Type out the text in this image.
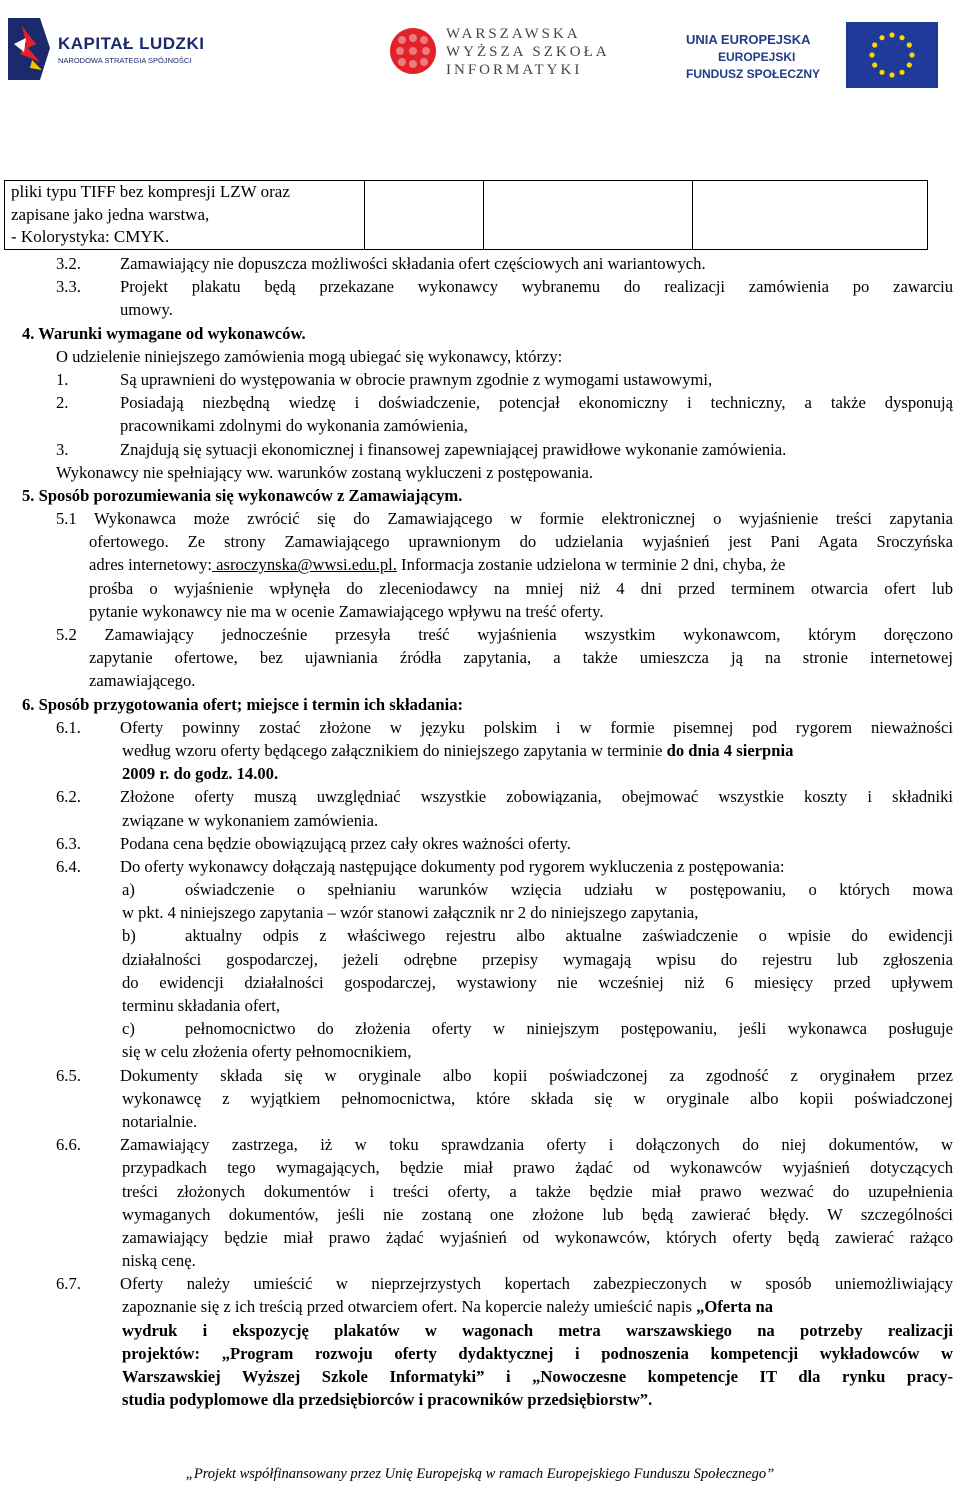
KAPITAŁ LUDZKI
NARODOWA STRATEGIA SPÓJNOŚCI
WARSZAWSKA
WYŻSZA SZKOŁA
INFORMATYKI
UNIA EUROPEJSKA
EUROPEJSKI
FUNDUSZ SPOŁECZNY
pliki typu TIFF bez kompresji LZW oraz
zapisane jako jedna warstwa,
- Kolorystyka: CMYK.

3.2. Zamawiający nie dopuszcza możliwości składania ofert częściowych ani wariantowych.
3.3. Projekt plakatu będą przekazane wykonawcy wybranemu do realizacji zamówienia po zawarciu
umowy.
4. Warunki wymagane od wykonawców.
O udzielenie niniejszego zamówienia mogą ubiegać się wykonawcy, którzy:
1.	Są uprawnieni do występowania w obrocie prawnym zgodnie z wymogami ustawowymi,
2.	Posiadają niezbędną wiedzę i doświadczenie, potencjał ekonomiczny i techniczny, a także dysponują
pracownikami zdolnymi do wykonania zamówienia,
3.	Znajdują się sytuacji ekonomicznej i finansowej zapewniającej prawidłowe wykonanie zamówienia.
Wykonawcy nie spełniający ww. warunków zostaną wykluczeni z postępowania.
5. Sposób porozumiewania się wykonawców z Zamawiającym.
5.1 Wykonawca może zwrócić się do Zamawiającego w formie elektronicznej o wyjaśnienie treści zapytania
ofertowego. Ze strony Zamawiającego uprawnionym do udzielania wyjaśnień jest Pani Agata Sroczyńska
adres internetowy: asroczynska@wwsi.edu.pl. Informacja zostanie udzielona w terminie 2 dni, chyba, że
prośba o wyjaśnienie wpłynęła do zleceniodawcy na mniej niż 4 dni przed terminem otwarcia ofert lub
pytanie wykonawcy nie ma w ocenie Zamawiającego wpływu na treść oferty.
5.2 Zamawiający jednocześnie przesyła treść wyjaśnienia wszystkim wykonawcom, którym doręczono
zapytanie ofertowe, bez ujawniania źródła zapytania, a także umieszcza ją na stronie internetowej
zamawiającego.
6. Sposób przygotowania ofert; miejsce i termin ich składania:
6.1. Oferty powinny zostać złożone w języku polskim i w formie pisemnej pod rygorem nieważności
według wzoru oferty będącego załącznikiem do niniejszego zapytania w terminie do dnia 4 sierpnia
2009 r. do godz. 14.00.
6.2. Złożone oferty muszą uwzględniać wszystkie zobowiązania, obejmować wszystkie koszty i składniki
związane w wykonaniem zamówienia.
6.3. Podana cena będzie obowiązującą przez cały okres ważności oferty.
6.4. Do oferty wykonawcy dołączają następujące dokumenty pod rygorem wykluczenia z postępowania:
a)	oświadczenie o spełnianiu warunków wzięcia udziału w postępowaniu, o których mowa
w pkt. 4 niniejszego zapytania – wzór stanowi załącznik nr 2 do niniejszego zapytania,
b)	aktualny odpis z właściwego rejestru albo aktualne zaświadczenie o wpisie do ewidencji
działalności gospodarczej, jeżeli odrębne przepisy wymagają wpisu do rejestru lub zgłoszenia
do ewidencji działalności gospodarczej, wystawiony nie wcześniej niż 6 miesięcy przed upływem
terminu składania ofert,
c)	pełnomocnictwo do złożenia oferty w niniejszym postępowaniu, jeśli wykonawca posługuje
się w celu złożenia oferty pełnomocnikiem,
6.5. Dokumenty składa się w oryginale albo kopii poświadczonej za zgodność z oryginałem przez
wykonawcę z wyjątkiem pełnomocnictwa, które składa się w oryginale albo kopii poświadczonej
notarialnie.
6.6. Zamawiający zastrzega, iż w toku sprawdzania oferty i dołączonych do niej dokumentów, w
przypadkach tego wymagających, będzie miał prawo żądać od wykonawców wyjaśnień dotyczących
treści złożonych dokumentów i treści oferty, a także będzie miał prawo wezwać do uzupełnienia
wymaganych dokumentów, jeśli nie zostaną one złożone lub będą zawierać błędy. W szczególności
zamawiający będzie miał prawo żądać wyjaśnień od wykonawców, których oferty będą zawierać rażąco
niską cenę.
6.7. Oferty należy umieścić w nieprzejrzystych kopertach zabezpieczonych w sposób uniemożliwiający
zapoznanie się z ich treścią przed otwarciem ofert. Na kopercie należy umieścić napis „Oferta na
wydruk i ekspozycję plakatów w wagonach metra warszawskiego na potrzeby realizacji
projektów: „Program rozwoju oferty dydaktycznej i podnoszenia kompetencji wykładowców w
Warszawskiej Wyższej Szkole Informatyki” i „Nowoczesne kompetencje IT dla rynku pracy-
studia podyplomowe dla przedsiębiorców i pracowników przedsiębiorstw”.
„Projekt współfinansowany przez Unię Europejską w ramach Europejskiego Funduszu Społecznego”
